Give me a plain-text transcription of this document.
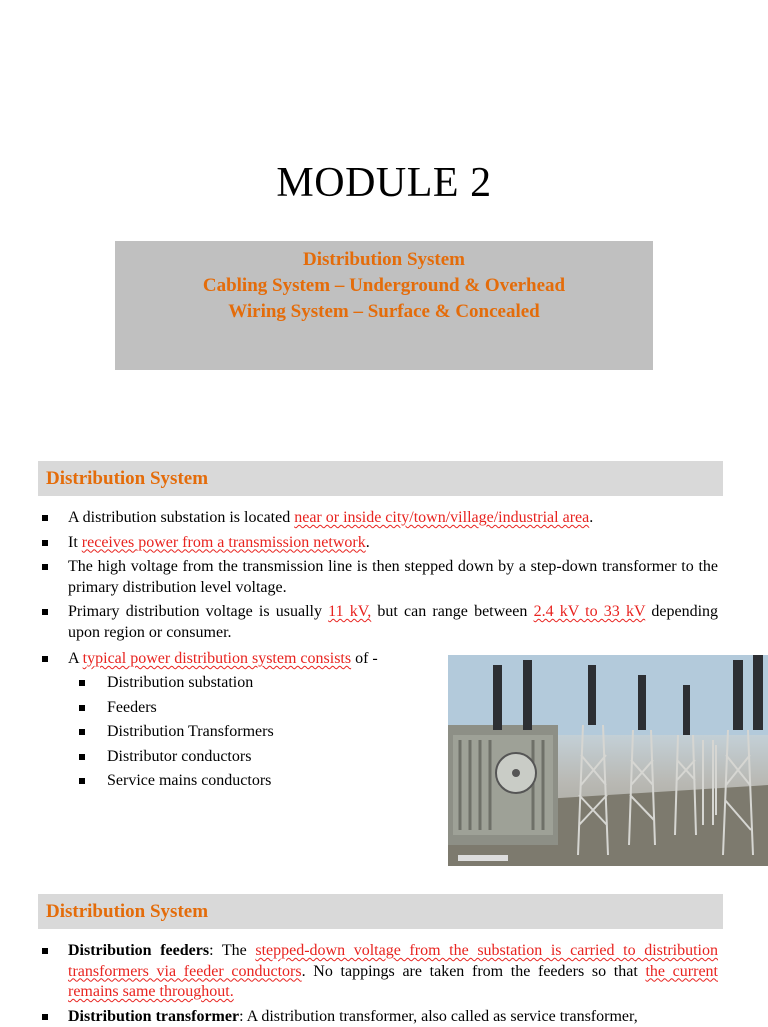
MODULE 2
Distribution System
Cabling System – Underground & Overhead
Wiring System – Surface & Concealed
Distribution System
A distribution substation is located near or inside city/town/village/industrial area.
It receives power from a transmission network.
The high voltage from the transmission line is then stepped down by a step-down transformer to the primary distribution level voltage.
Primary distribution voltage is usually 11 kV, but can range between 2.4 kV to 33 kV depending upon region or consumer.
A typical power distribution system consists of -
Distribution substation
Feeders
Distribution Transformers
Distributor conductors
Service mains conductors
Distribution System
Distribution feeders: The stepped-down voltage from the substation is carried to distribution transformers via feeder conductors. No tappings are taken from the feeders so that the current remains same throughout.
Distribution transformer: A distribution transformer, also called as service transformer,
